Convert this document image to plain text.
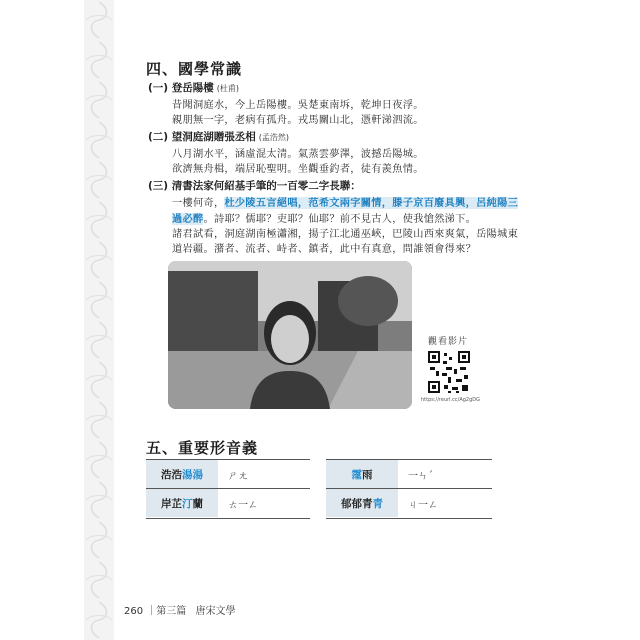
四、國學常識
(一) 登岳陽樓 (杜甫)
昔聞洞庭水，今上岳陽樓。吳楚東南坼，乾坤日夜浮。
親朋無一字，老病有孤舟。戎馬關山北，憑軒涕泗流。
(二) 望洞庭湖贈張丞相 (孟浩然)
八月湖水平，涵虛混太清。氣蒸雲夢澤，波撼岳陽城。
欲濟無舟楫，端居恥聖明。坐觀垂釣者，徒有羨魚情。
(三) 清書法家何紹基手筆的一百零二字長聯：
一樓何奇，杜少陵五言絕唱，范希文兩字關情，滕子京百廢具興，呂純陽三
過必醉。詩耶？儒耶？吏耶？仙耶？前不見古人，使我愴然涕下。
諸君試看，洞庭湖南極瀟湘，揚子江北通巫峽，巴陵山西來爽氣，岳陽城東
道岩疆。潴者、流者、峙者、鎮者，此中有真意，問誰領會得來？
觀看影片
https://reurl.cc/Ag2gDG
五、重要形音義
浩浩 湯 湯	ㄕㄤ	霪 雨	一ㄣˊ
岸芷 汀 蘭	ㄊ一ㄥ	郁郁青 青	ㄐ一ㄥ
260 ｜第三篇 唐宋文學
